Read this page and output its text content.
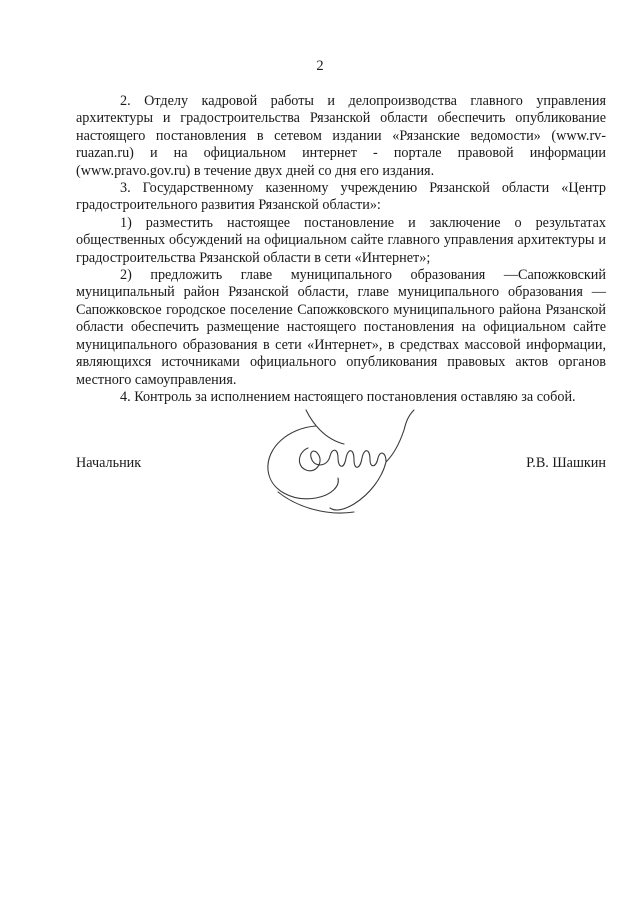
2

2. Отделу кадровой работы и делопроизводства главного управления архитектуры и градостроительства Рязанской области обеспечить опубликование настоящего постановления в сетевом издании «Рязанские ведомости» (www.rv-ruazan.ru) и на официальном интернет - портале правовой информации (www.pravo.gov.ru) в течение двух дней со дня его издания.

3. Государственному казенному учреждению Рязанской области «Центр градостроительного развития Рязанской области»:

1) разместить настоящее постановление и заключение о результатах общественных обсуждений на официальном сайте главного управления архитектуры и градостроительства Рязанской области в сети «Интернет»;

2) предложить главе муниципального образования —Сапожковский муниципальный район Рязанской области, главе муниципального образования — Сапожковское городское поселение Сапожковского муниципального района Рязанской области обеспечить размещение настоящего постановления на официальном сайте муниципального образования в сети «Интернет», в средствах массовой информации, являющихся источниками официального опубликования правовых актов органов местного самоуправления.

4. Контроль за исполнением настоящего постановления оставляю за собой.

Начальник	Р.В. Шашкин
